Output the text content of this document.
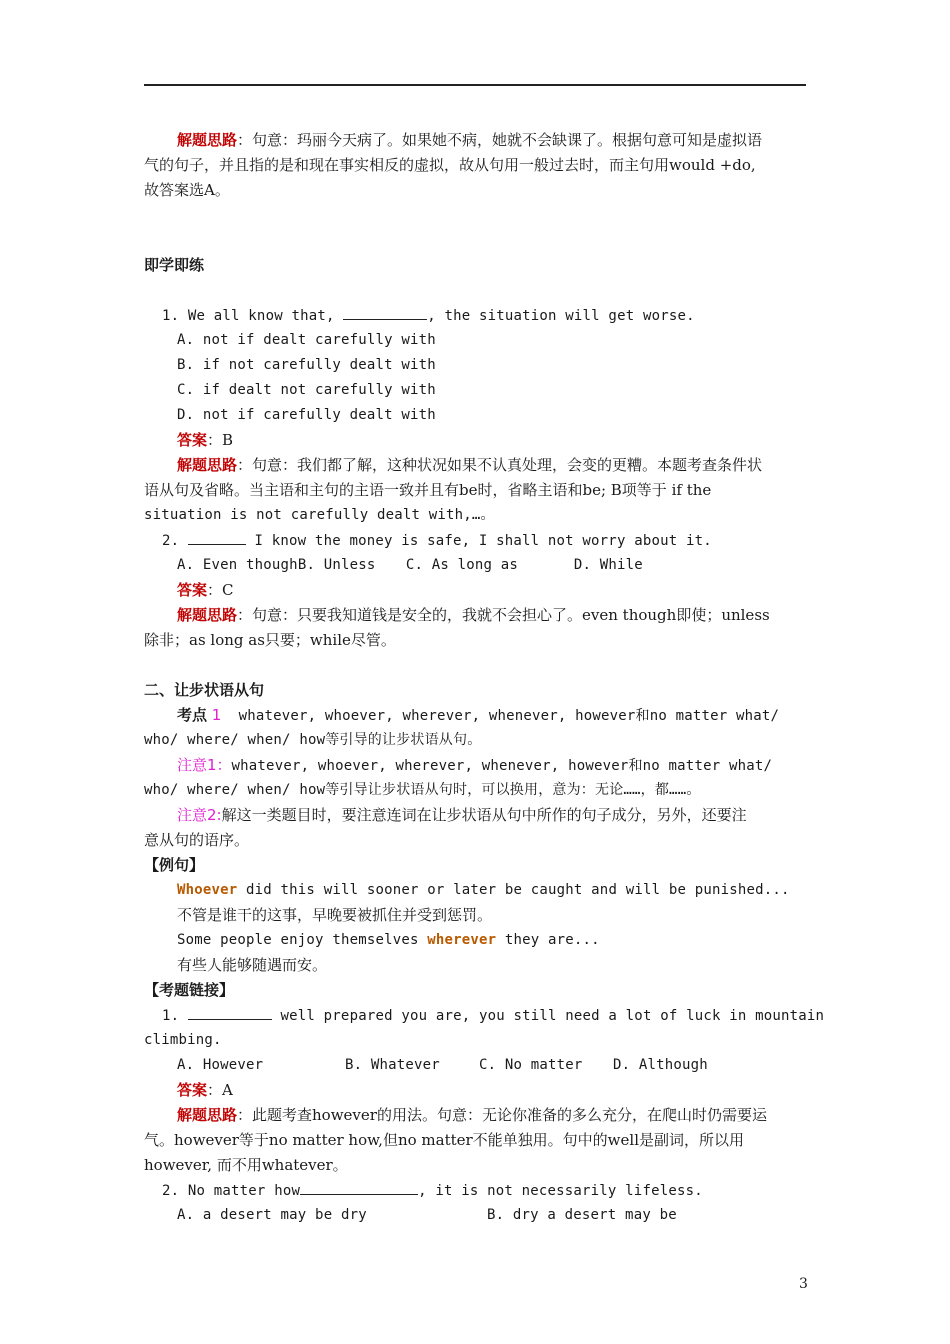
解题思路：句意：玛丽今天病了。如果她不病，她就不会缺课了。根据句意可知是虚拟语
气的句子，并且指的是和现在事实相反的虚拟，故从句用一般过去时，而主句用would +do,
故答案选A。
即学即练
1. We all know that,	, the situation will get worse.
A. not if dealt carefully with
B. if not carefully dealt with
C. if dealt not carefully with
D. not if carefully dealt with
答案：B
解题思路：句意：我们都了解，这种状况如果不认真处理，会变的更糟。本题考查条件状
语从句及省略。当主语和主句的主语一致并且有be时，省略主语和be; B项等于 if the
situation is not carefully dealt with,…。
2.	I know the money is safe, I shall not worry about it.
A. Even thoughB. Unless C. As long as	D. While
答案：C
解题思路：句意：只要我知道钱是安全的，我就不会担心了。even though即使；unless
除非；as long as只要；while尽管。
二、让步状语从句
考点 1  whatever, whoever, wherever, whenever, however和no matter what/
who/ where/ when/ how等引导的让步状语从句。
注意1：whatever, whoever, wherever, whenever, however和no matter what/
who/ where/ when/ how等引导让步状语从句时，可以换用，意为：无论……，都……。
注意2:解这一类题目时，要注意连词在让步状语从句中所作的句子成分，另外，还要注
意从句的语序。
【例句】
Whoever did this will sooner or later be caught and will be punished...
不管是谁干的这事，早晚要被抓住并受到惩罚。
Some people enjoy themselves wherever they are...
有些人能够随遇而安。
【考题链接】
1.	well prepared you are, you still need a lot of luck in mountain
climbing.
A. However	B. Whatever	C. No matter D. Although
答案：A
解题思路：此题考查however的用法。句意：无论你准备的多么充分，在爬山时仍需要运
气。however等于no matter how,但no matter不能单独用。句中的well是副词，所以用
however, 而不用whatever。
2. No matter how	, it is not necessarily lifeless.
A. a desert may be dry	B. dry a desert may be
3
